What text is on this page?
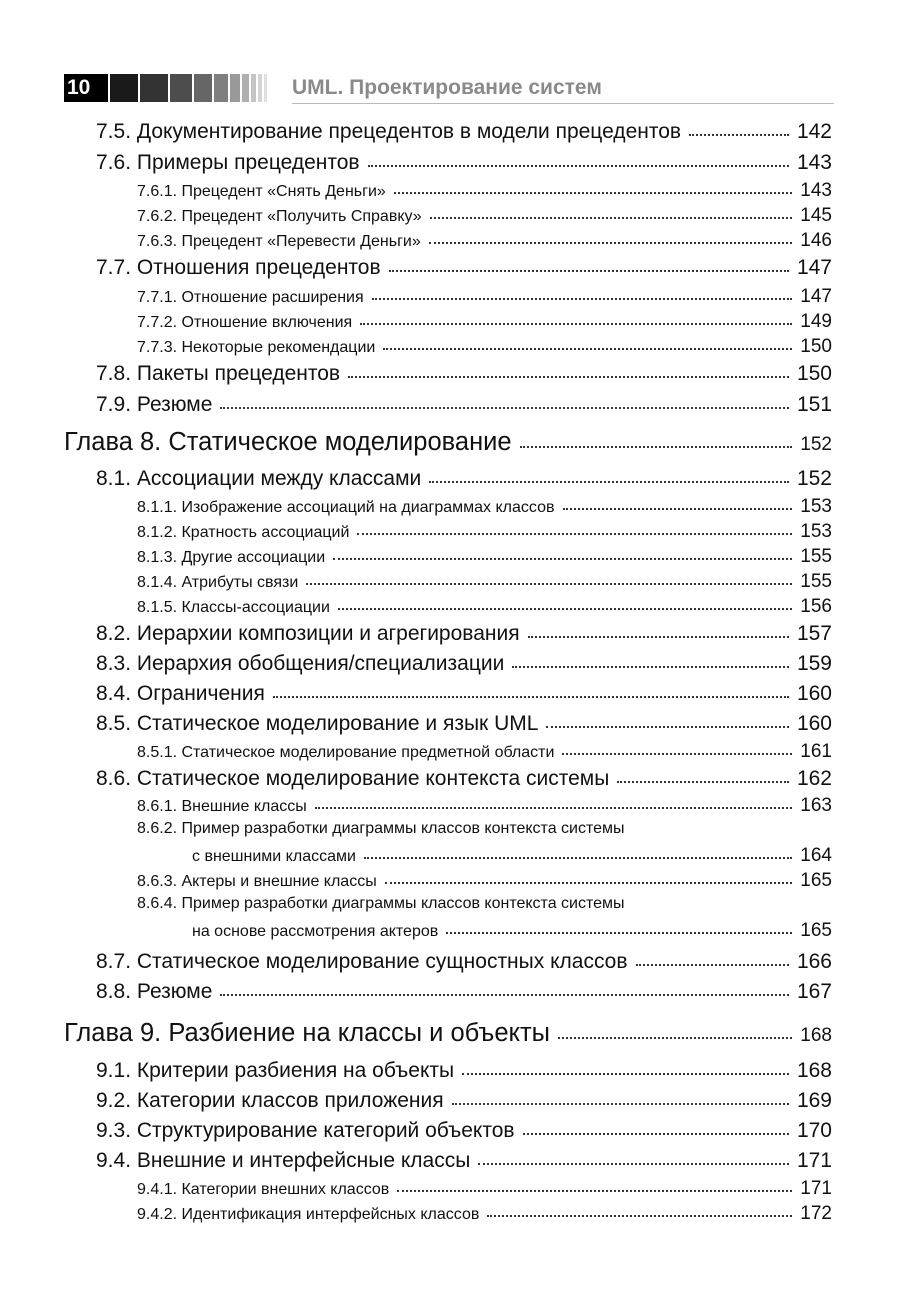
10	UML. Проектирование систем
7.5. Документирование прецедентов в модели прецедентов	142
7.6. Примеры прецедентов	143
7.6.1. Прецедент «Снять Деньги»	143
7.6.2. Прецедент «Получить Справку»	145
7.6.3. Прецедент «Перевести Деньги»	146
7.7. Отношения прецедентов	147
7.7.1. Отношение расширения	147
7.7.2. Отношение включения	149
7.7.3. Некоторые рекомендации	150
7.8. Пакеты прецедентов	150
7.9. Резюме	151
Глава 8. Статическое моделирование	152
8.1. Ассоциации между классами	152
8.1.1. Изображение ассоциаций на диаграммах классов	153
8.1.2. Кратность ассоциаций	153
8.1.3. Другие ассоциации	155
8.1.4. Атрибуты связи	155
8.1.5. Классы-ассоциации	156
8.2. Иерархии композиции и агрегирования	157
8.3. Иерархия обобщения/специализации	159
8.4. Ограничения	160
8.5. Статическое моделирование и язык UML	160
8.5.1. Статическое моделирование предметной области	161
8.6. Статическое моделирование контекста системы	162
8.6.1. Внешние классы	163
8.6.2. Пример разработки диаграммы классов контекста системы
с внешними классами	164
8.6.3. Актеры и внешние классы	165
8.6.4. Пример разработки диаграммы классов контекста системы
на основе рассмотрения актеров	165
8.7. Статическое моделирование сущностных классов	166
8.8. Резюме	167
Глава 9. Разбиение на классы и объекты	168
9.1. Критерии разбиения на объекты	168
9.2. Категории классов приложения	169
9.3. Структурирование категорий объектов	170
9.4. Внешние и интерфейсные классы	171
9.4.1. Категории внешних классов	171
9.4.2. Идентификация интерфейсных классов	172
